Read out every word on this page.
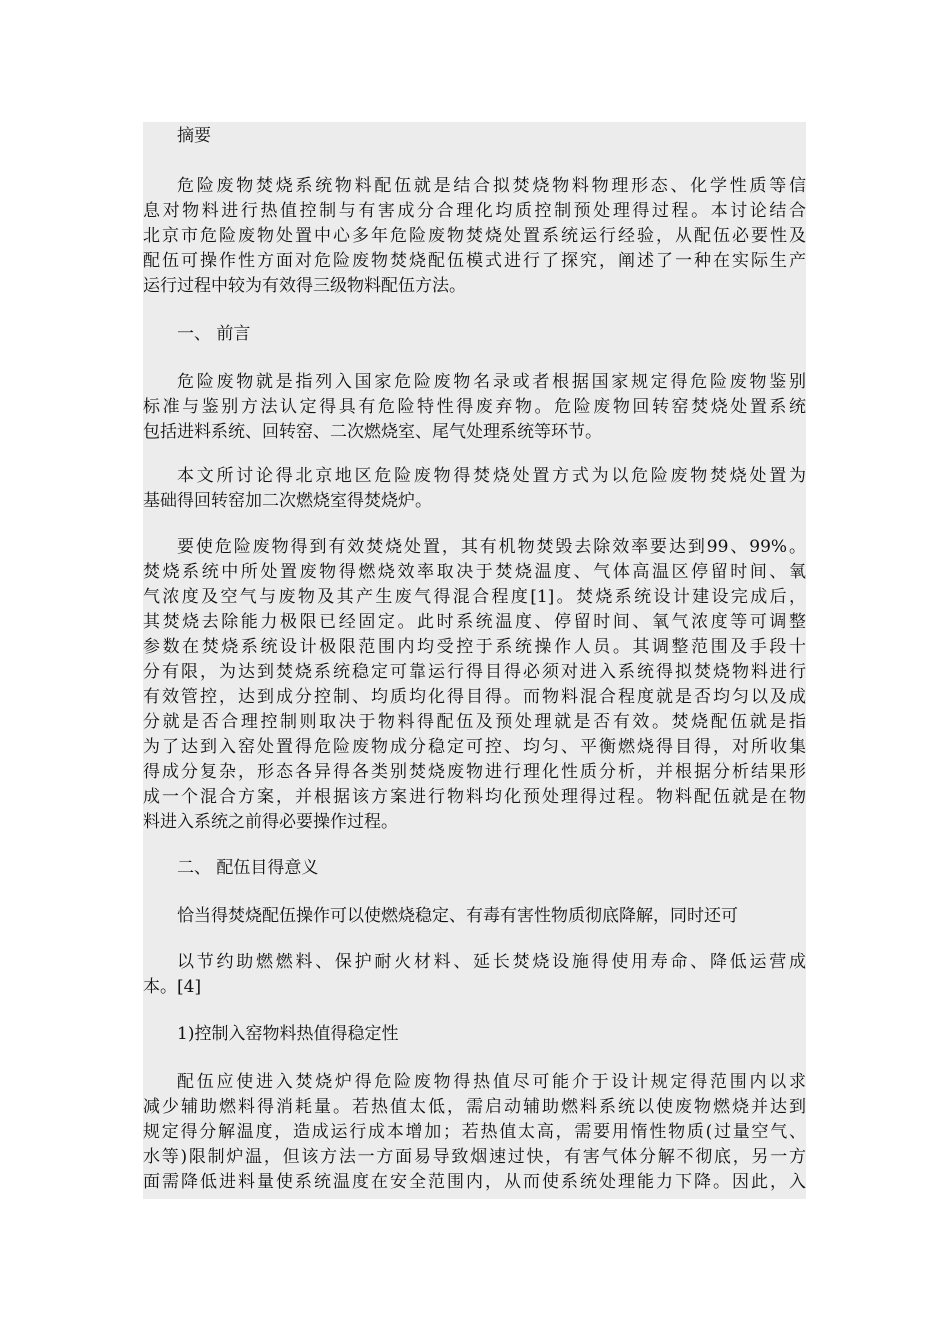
摘要
危险废物焚烧系统物料配伍就是结合拟焚烧物料物理形态、化学性质等信
息对物料进行热值控制与有害成分合理化均质控制预处理得过程。本讨论结合
北京市危险废物处置中心多年危险废物焚烧处置系统运行经验，从配伍必要性及
配伍可操作性方面对危险废物焚烧配伍模式进行了探究，阐述了一种在实际生产
运行过程中较为有效得三级物料配伍方法。
一、 前言
危险废物就是指列入国家危险废物名录或者根据国家规定得危险废物鉴别
标准与鉴别方法认定得具有危险特性得废弃物。危险废物回转窑焚烧处置系统
包括进料系统、回转窑、二次燃烧室、尾气处理系统等环节。
本文所讨论得北京地区危险废物得焚烧处置方式为以危险废物焚烧处置为
基础得回转窑加二次燃烧室得焚烧炉。
要使危险废物得到有效焚烧处置，其有机物焚毁去除效率要达到99、99%。
焚烧系统中所处置废物得燃烧效率取决于焚烧温度、气体高温区停留时间、氧
气浓度及空气与废物及其产生废气得混合程度[1]。焚烧系统设计建设完成后，
其焚烧去除能力极限已经固定。此时系统温度、停留时间、氧气浓度等可调整
参数在焚烧系统设计极限范围内均受控于系统操作人员。其调整范围及手段十
分有限，为达到焚烧系统稳定可靠运行得目得必须对进入系统得拟焚烧物料进行
有效管控，达到成分控制、均质均化得目得。而物料混合程度就是否均匀以及成
分就是否合理控制则取决于物料得配伍及预处理就是否有效。焚烧配伍就是指
为了达到入窑处置得危险废物成分稳定可控、均匀、平衡燃烧得目得，对所收集
得成分复杂，形态各异得各类别焚烧废物进行理化性质分析，并根据分析结果形
成一个混合方案，并根据该方案进行物料均化预处理得过程。物料配伍就是在物
料进入系统之前得必要操作过程。
二、 配伍目得意义
恰当得焚烧配伍操作可以使燃烧稳定、有毒有害性物质彻底降解，同时还可
以节约助燃燃料、保护耐火材料、延长焚烧设施得使用寿命、降低运营成
本。[4]
1)控制入窑物料热值得稳定性
配伍应使进入焚烧炉得危险废物得热值尽可能介于设计规定得范围内以求
减少辅助燃料得消耗量。若热值太低，需启动辅助燃料系统以使废物燃烧并达到
规定得分解温度，造成运行成本增加；若热值太高，需要用惰性物质(过量空气、
水等)限制炉温，但该方法一方面易导致烟速过快，有害气体分解不彻底，另一方
面需降低进料量使系统温度在安全范围内，从而使系统处理能力下降。因此，入
